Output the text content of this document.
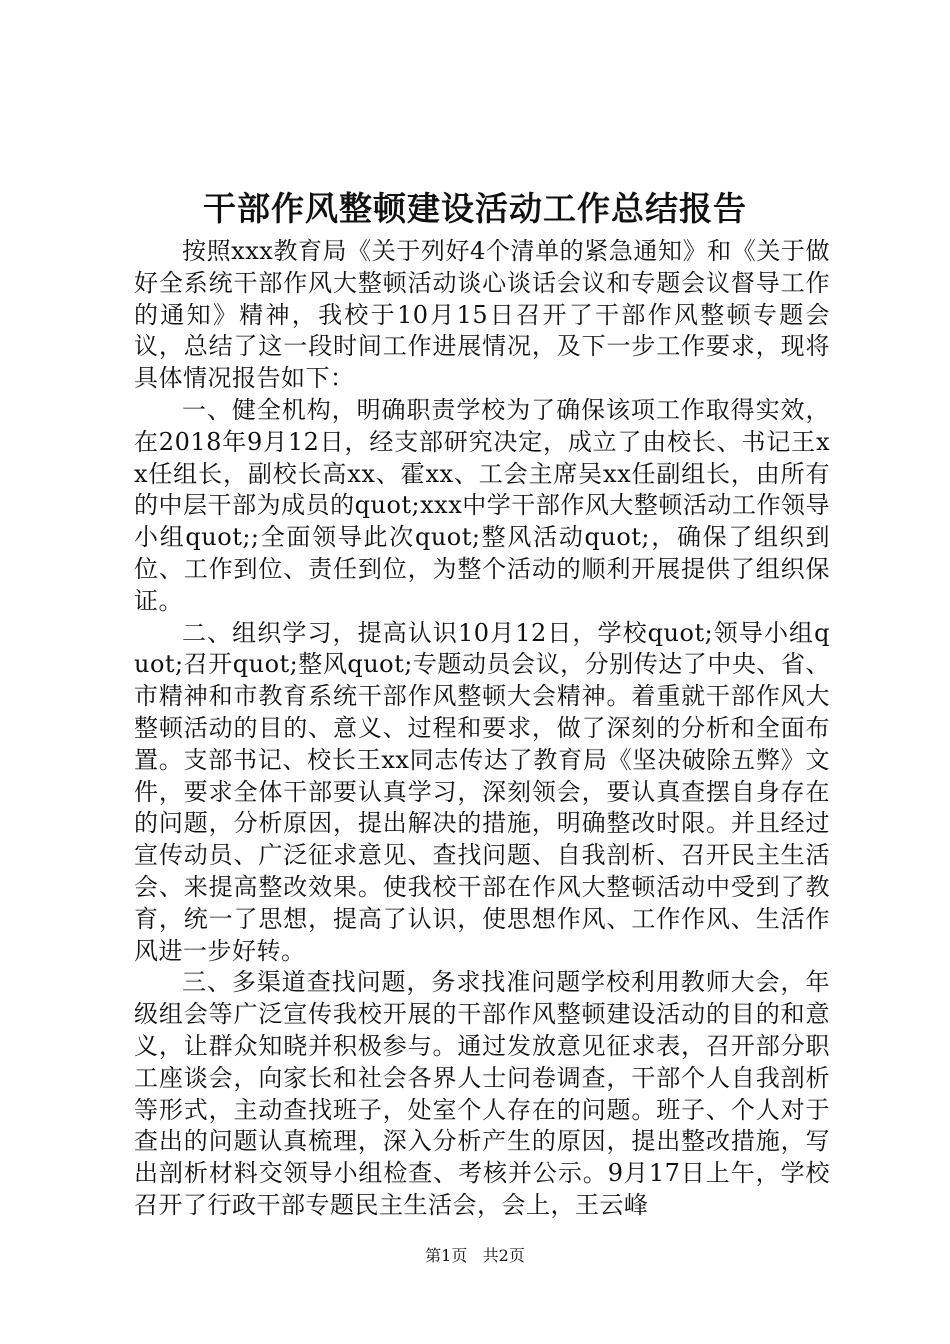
干部作风整顿建设活动工作总结报告

按照xxx教育局《关于列好4个清单的紧急通知》和《关于做好全系统干部作风大整顿活动谈心谈话会议和专题会议督导工作的通知》精神，我校于10月15日召开了干部作风整顿专题会议，总结了这一段时间工作进展情况，及下一步工作要求，现将具体情况报告如下：

一、健全机构，明确职责学校为了确保该项工作取得实效，在2018年9月12日，经支部研究决定，成立了由校长、书记王xx任组长，副校长高xx、霍xx、工会主席吴xx任副组长，由所有的中层干部为成员的quot;xxx中学干部作风大整顿活动工作领导小组quot;;全面领导此次quot;整风活动quot;，确保了组织到位、工作到位、责任到位，为整个活动的顺利开展提供了组织保证。

二、组织学习，提高认识10月12日，学校quot;领导小组quot;召开quot;整风quot;专题动员会议，分别传达了中央、省、市精神和市教育系统干部作风整顿大会精神。着重就干部作风大整顿活动的目的、意义、过程和要求，做了深刻的分析和全面布置。支部书记、校长王xx同志传达了教育局《坚决破除五弊》文件，要求全体干部要认真学习，深刻领会，要认真查摆自身存在的问题，分析原因，提出解决的措施，明确整改时限。并且经过宣传动员、广泛征求意见、查找问题、自我剖析、召开民主生活会、来提高整改效果。使我校干部在作风大整顿活动中受到了教育，统一了思想，提高了认识，使思想作风、工作作风、生活作风进一步好转。

三、多渠道查找问题，务求找准问题学校利用教师大会，年级组会等广泛宣传我校开展的干部作风整顿建设活动的目的和意义，让群众知晓并积极参与。通过发放意见征求表，召开部分职工座谈会，向家长和社会各界人士问卷调查，干部个人自我剖析等形式，主动查找班子，处室个人存在的问题。班子、个人对于查出的问题认真梳理，深入分析产生的原因，提出整改措施，写出剖析材料交领导小组检查、考核并公示。9月17日上午，学校召开了行政干部专题民主生活会，会上，王云峰

第1页 共2页
